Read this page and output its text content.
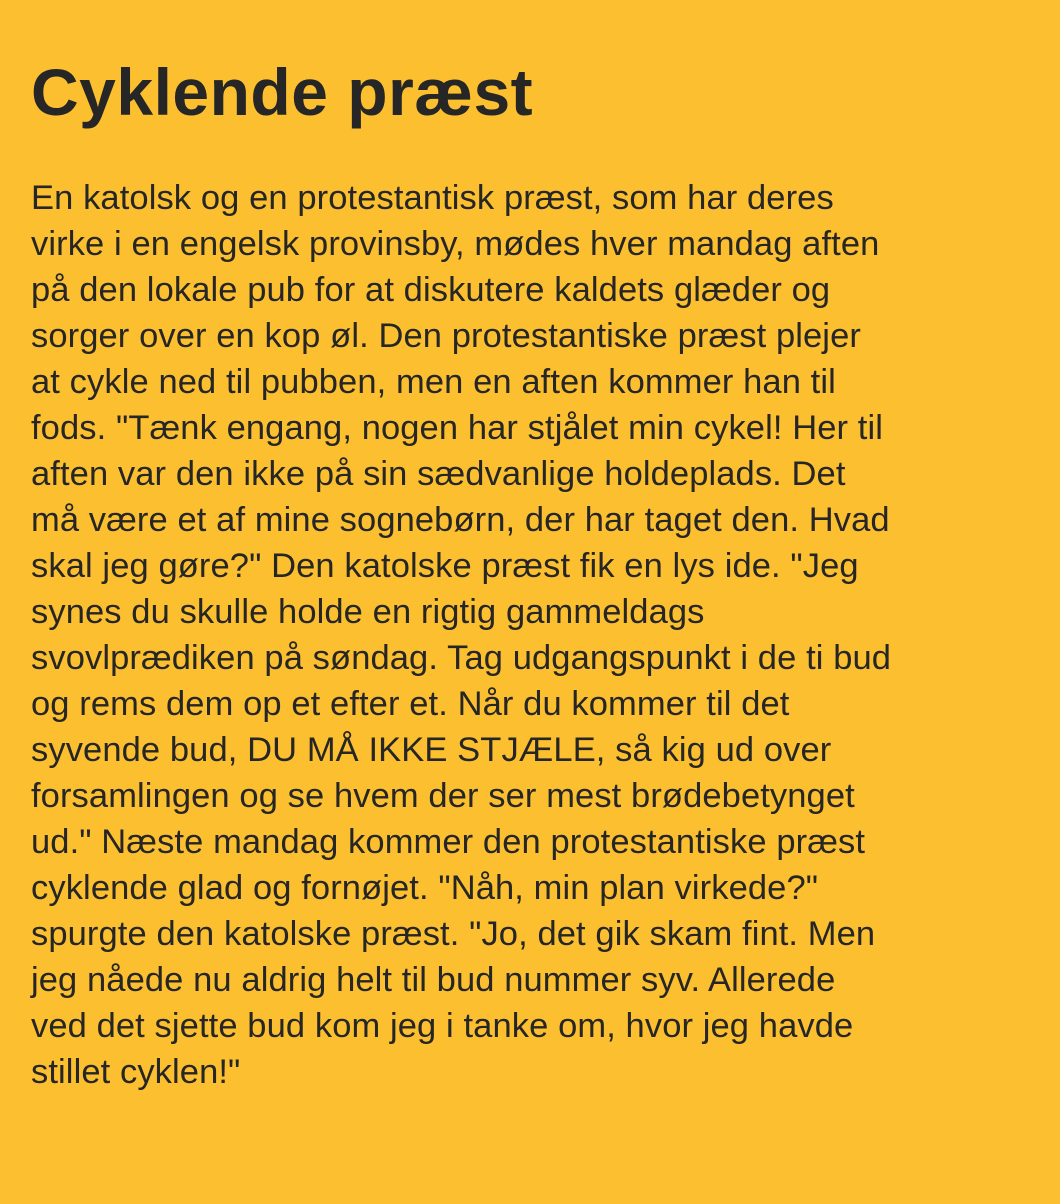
Cyklende præst

En katolsk og en protestantisk præst, som har deres
virke i en engelsk provinsby, mødes hver mandag aften
på den lokale pub for at diskutere kaldets glæder og
sorger over en kop øl. Den protestantiske præst plejer
at cykle ned til pubben, men en aften kommer han til
fods. "Tænk engang, nogen har stjålet min cykel! Her til
aften var den ikke på sin sædvanlige holdeplads. Det
må være et af mine sognebørn, der har taget den. Hvad
skal jeg gøre?" Den katolske præst fik en lys ide. "Jeg
synes du skulle holde en rigtig gammeldags
svovlprædiken på søndag. Tag udgangspunkt i de ti bud
og rems dem op et efter et. Når du kommer til det
syvende bud, DU MÅ IKKE STJÆLE, så kig ud over
forsamlingen og se hvem der ser mest brødebetynget
ud." Næste mandag kommer den protestantiske præst
cyklende glad og fornøjet. "Nåh, min plan virkede?"
spurgte den katolske præst. "Jo, det gik skam fint. Men
jeg nåede nu aldrig helt til bud nummer syv. Allerede
ved det sjette bud kom jeg i tanke om, hvor jeg havde
stillet cyklen!"
